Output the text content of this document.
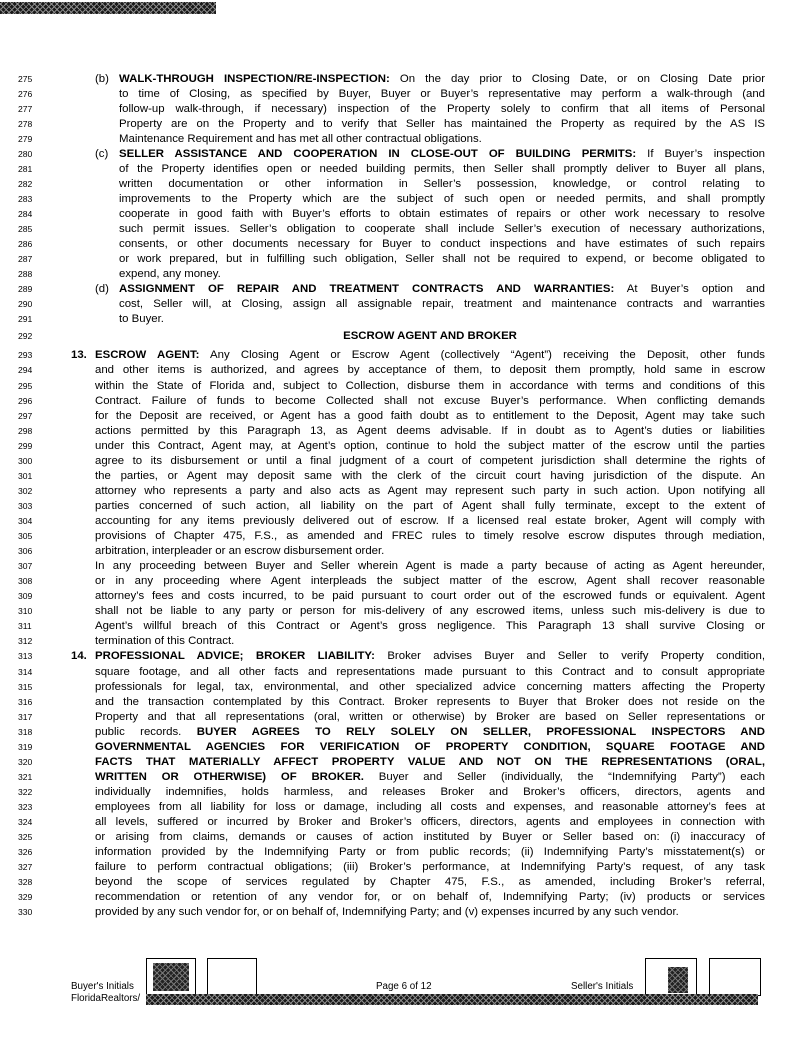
275	(b) WALK-THROUGH INSPECTION/RE-INSPECTION: On the day prior to Closing Date, or on Closing Date prior
276	to time of Closing, as specified by Buyer, Buyer or Buyer’s representative may perform a walk-through (and
277	follow-up walk-through, if necessary) inspection of the Property solely to confirm that all items of Personal
278	Property are on the Property and to verify that Seller has maintained the Property as required by the AS IS
279	Maintenance Requirement and has met all other contractual obligations.
280	(c) SELLER ASSISTANCE AND COOPERATION IN CLOSE-OUT OF BUILDING PERMITS: If Buyer’s inspection
281	of the Property identifies open or needed building permits, then Seller shall promptly deliver to Buyer all plans,
282	written documentation or other information in Seller’s possession, knowledge, or control relating to
283	improvements to the Property which are the subject of such open or needed permits, and shall promptly
284	cooperate in good faith with Buyer’s efforts to obtain estimates of repairs or other work necessary to resolve
285	such permit issues. Seller’s obligation to cooperate shall include Seller’s execution of necessary authorizations,
286	consents, or other documents necessary for Buyer to conduct inspections and have estimates of such repairs
287	or work prepared, but in fulfilling such obligation, Seller shall not be required to expend, or become obligated to
288	expend, any money.
289	(d) ASSIGNMENT OF REPAIR AND TREATMENT CONTRACTS AND WARRANTIES: At Buyer’s option and
290	cost, Seller will, at Closing, assign all assignable repair, treatment and maintenance contracts and warranties
291	to Buyer.
292	ESCROW AGENT AND BROKER
293	13. ESCROW AGENT: Any Closing Agent or Escrow Agent (collectively “Agent”) receiving the Deposit, other funds
294	and other items is authorized, and agrees by acceptance of them, to deposit them promptly, hold same in escrow
295	within the State of Florida and, subject to Collection, disburse them in accordance with terms and conditions of this
296	Contract. Failure of funds to become Collected shall not excuse Buyer’s performance. When conflicting demands
297	for the Deposit are received, or Agent has a good faith doubt as to entitlement to the Deposit, Agent may take such
298	actions permitted by this Paragraph 13, as Agent deems advisable. If in doubt as to Agent’s duties or liabilities
299	under this Contract, Agent may, at Agent’s option, continue to hold the subject matter of the escrow until the parties
300	agree to its disbursement or until a final judgment of a court of competent jurisdiction shall determine the rights of
301	the parties, or Agent may deposit same with the clerk of the circuit court having jurisdiction of the dispute. An
302	attorney who represents a party and also acts as Agent may represent such party in such action. Upon notifying all
303	parties concerned of such action, all liability on the part of Agent shall fully terminate, except to the extent of
304	accounting for any items previously delivered out of escrow. If a licensed real estate broker, Agent will comply with
305	provisions of Chapter 475, F.S., as amended and FREC rules to timely resolve escrow disputes through mediation,
306	arbitration, interpleader or an escrow disbursement order.
307	In any proceeding between Buyer and Seller wherein Agent is made a party because of acting as Agent hereunder,
308	or in any proceeding where Agent interpleads the subject matter of the escrow, Agent shall recover reasonable
309	attorney’s fees and costs incurred, to be paid pursuant to court order out of the escrowed funds or equivalent. Agent
310	shall not be liable to any party or person for mis-delivery of any escrowed items, unless such mis-delivery is due to
311	Agent’s willful breach of this Contract or Agent’s gross negligence. This Paragraph 13 shall survive Closing or
312	termination of this Contract.
313	14. PROFESSIONAL ADVICE; BROKER LIABILITY: Broker advises Buyer and Seller to verify Property condition,
314	square footage, and all other facts and representations made pursuant to this Contract and to consult appropriate
315	professionals for legal, tax, environmental, and other specialized advice concerning matters affecting the Property
316	and the transaction contemplated by this Contract. Broker represents to Buyer that Broker does not reside on the
317	Property and that all representations (oral, written or otherwise) by Broker are based on Seller representations or
318	public records. BUYER AGREES TO RELY SOLELY ON SELLER, PROFESSIONAL INSPECTORS AND
319	GOVERNMENTAL AGENCIES FOR VERIFICATION OF PROPERTY CONDITION, SQUARE FOOTAGE AND
320	FACTS THAT MATERIALLY AFFECT PROPERTY VALUE AND NOT ON THE REPRESENTATIONS (ORAL,
321	WRITTEN OR OTHERWISE) OF BROKER. Buyer and Seller (individually, the “Indemnifying Party”) each
322	individually indemnifies, holds harmless, and releases Broker and Broker’s officers, directors, agents and
323	employees from all liability for loss or damage, including all costs and expenses, and reasonable attorney’s fees at
324	all levels, suffered or incurred by Broker and Broker’s officers, directors, agents and employees in connection with
325	or arising from claims, demands or causes of action instituted by Buyer or Seller based on: (i) inaccuracy of
326	information provided by the Indemnifying Party or from public records; (ii) Indemnifying Party’s misstatement(s) or
327	failure to perform contractual obligations; (iii) Broker’s performance, at Indemnifying Party’s request, of any task
328	beyond the scope of services regulated by Chapter 475, F.S., as amended, including Broker’s referral,
329	recommendation or retention of any vendor for, or on behalf of, Indemnifying Party; (iv) products or services
330	provided by any such vendor for, or on behalf of, Indemnifying Party; and (v) expenses incurred by any such vendor.
Buyer's Initials	Page 6 of 12	Seller's Initials
FloridaRealtors/
